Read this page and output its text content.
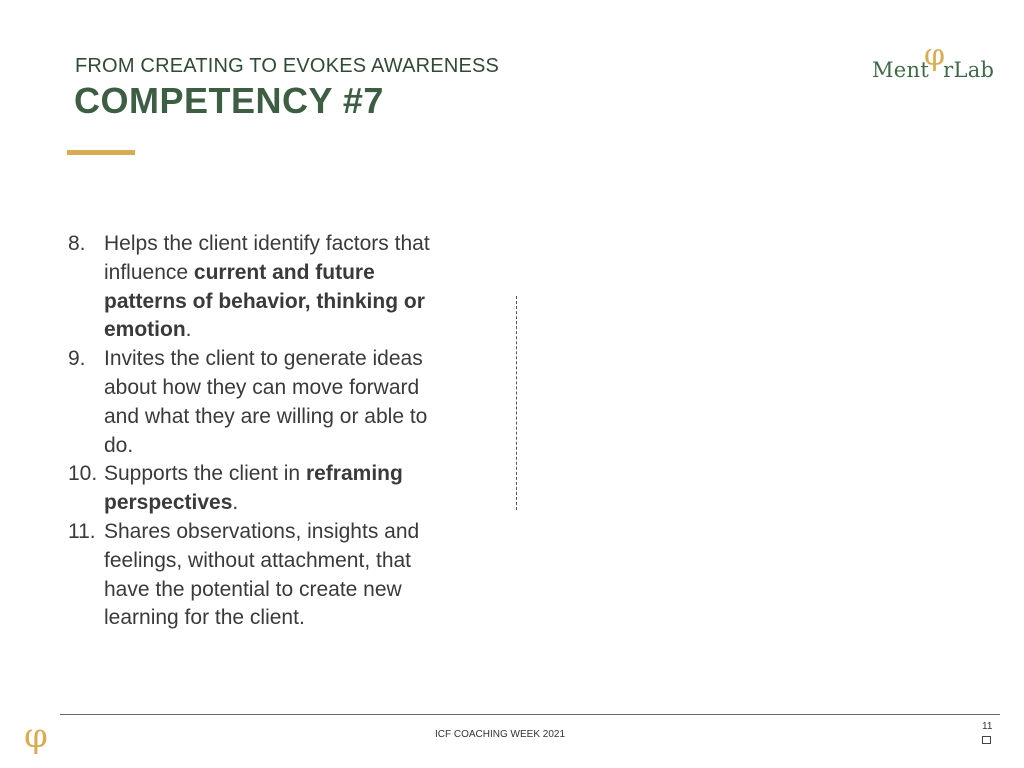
FROM CREATING TO EVOKES AWARENESS
COMPETENCY #7
Ment rLab
φ
8. Helps the client identify factors that influence current and future patterns of behavior, thinking or emotion.
9. Invites the client to generate ideas about how they can move forward and what they are willing or able to do.
10. Supports the client in reframing perspectives.
11. Shares observations, insights and feelings, without attachment, that have the potential to create new learning for the client.
φ	ICF COACHING WEEK 2021
11
